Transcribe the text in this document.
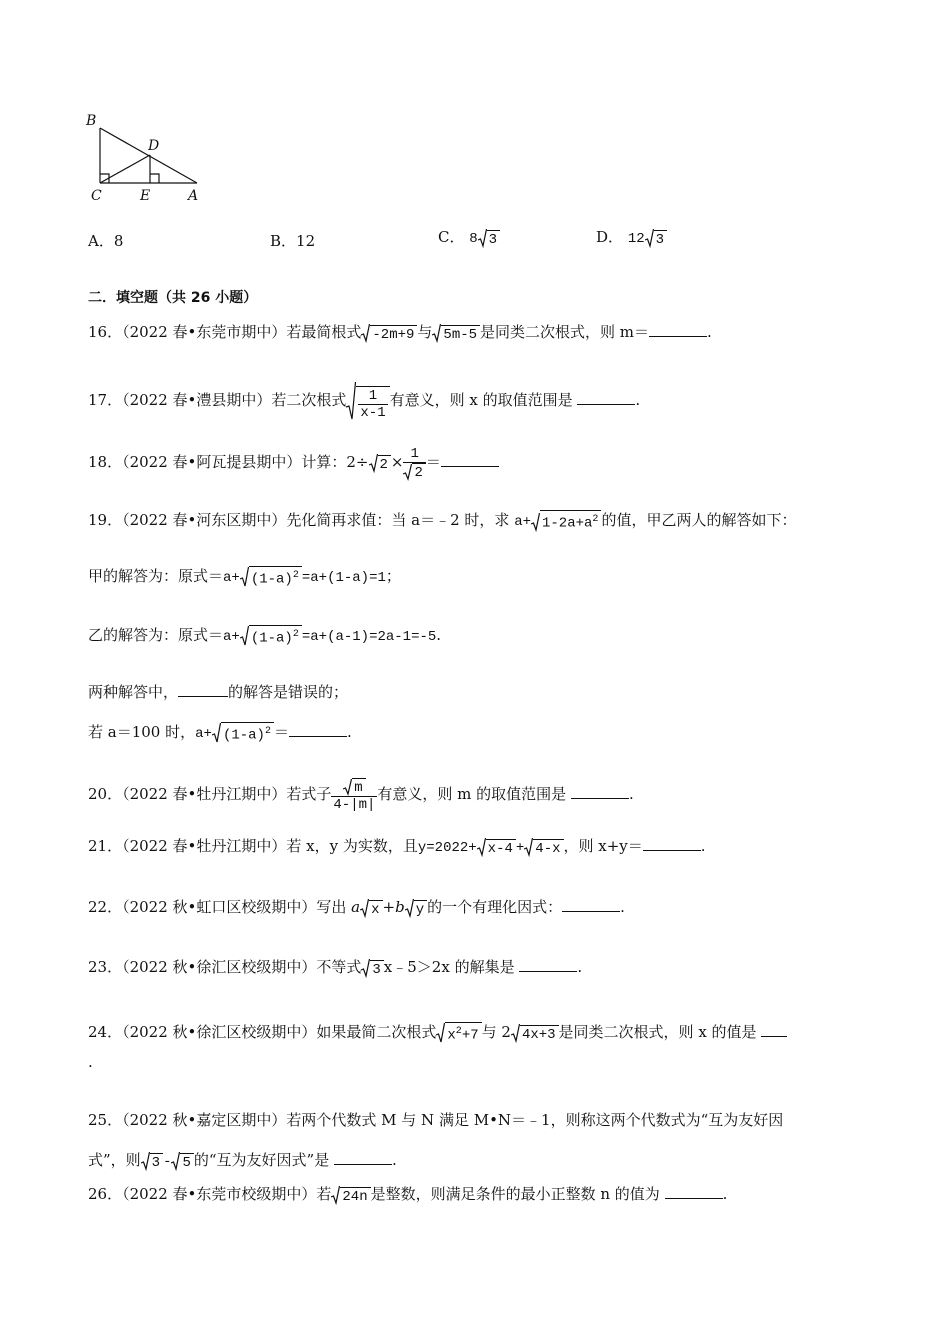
B
D
C	E	A
A．8	B．12	C． 8 3	D． 12 3
二．填空题（共 26 小题）
16．（2022 春•东莞市期中）若最简根式 -2m+9 与 5m-5 是同类二次根式，则 m＝	.
17．（2022 春•澧县期中）若二次根式 $\frac{1}{x-1}$ 有意义，则 x 的取值范围是	.
18．（2022 春•阿瓦提县期中）计算：$2\div 2 \times \frac{1}{2}$ ＝
19．（2022 春•河东区期中）先化简再求值：当 a＝﹣2 时，求 $a+ 1-2a+a^2$ 的值，甲乙两人的解答如下：
甲的解答为：原式$=a+ (1-a)^2 =a+(1-a)=1$；
乙的解答为：原式$=a+ (1-a)^2 =a+(a-1)=2a-1=-5$.
两种解答中，	的解答是错误的；
若 a＝100 时，$a+ (1-a)^2$ ＝	.
20．（2022 春•牡丹江期中）若式子 $\frac{m}{4-|m|}$ 有意义，则 m 的取值范围是	.
21．（2022 春•牡丹江期中）若 x，y 为实数，且y=2022+ x-4 + 4-x ，则 x+y＝	.
22．（2022 秋•虹口区校级期中）写出 a x +b y 的一个有理化因式：	.
23．（2022 秋•徐汇区校级期中）不等式 3 x﹣5＞2x 的解集是	.
24．（2022 秋•徐汇区校级期中）如果最简二次根式 $x^2+7$ 与 2 4x+3 是同类二次根式，则 x 的值是
.
25．（2022 秋•嘉定区期中）若两个代数式 M 与 N 满足 M•N＝﹣1，则称这两个代数式为“互为友好因
式”，则 3 - 5 的“互为友好因式”是	.
26．（2022 春•东莞市校级期中）若 24n 是整数，则满足条件的最小正整数 n 的值为	.
